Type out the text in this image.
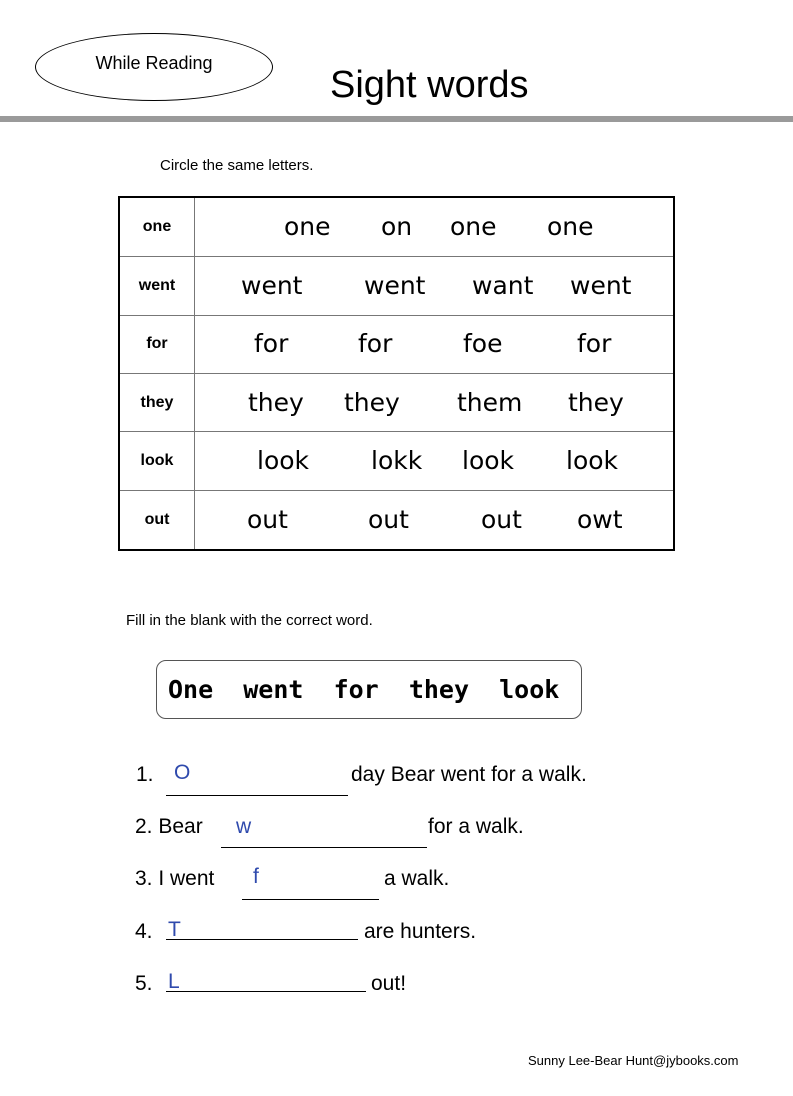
While Reading
Sight words
Circle the same letters.
one	one on one one

went	went went want went

for	for for foe for

they	they they them they

look	look lokk look look

out	out out out owt
Fill in the blank with the correct word.
One  went  for  they  look
1. O	day Bear went for a walk.
2. Bear w	for a walk.
3. I went f	a walk.
4. T	are hunters.
5. L	out!
Sunny Lee-Bear Hunt@jybooks.com
